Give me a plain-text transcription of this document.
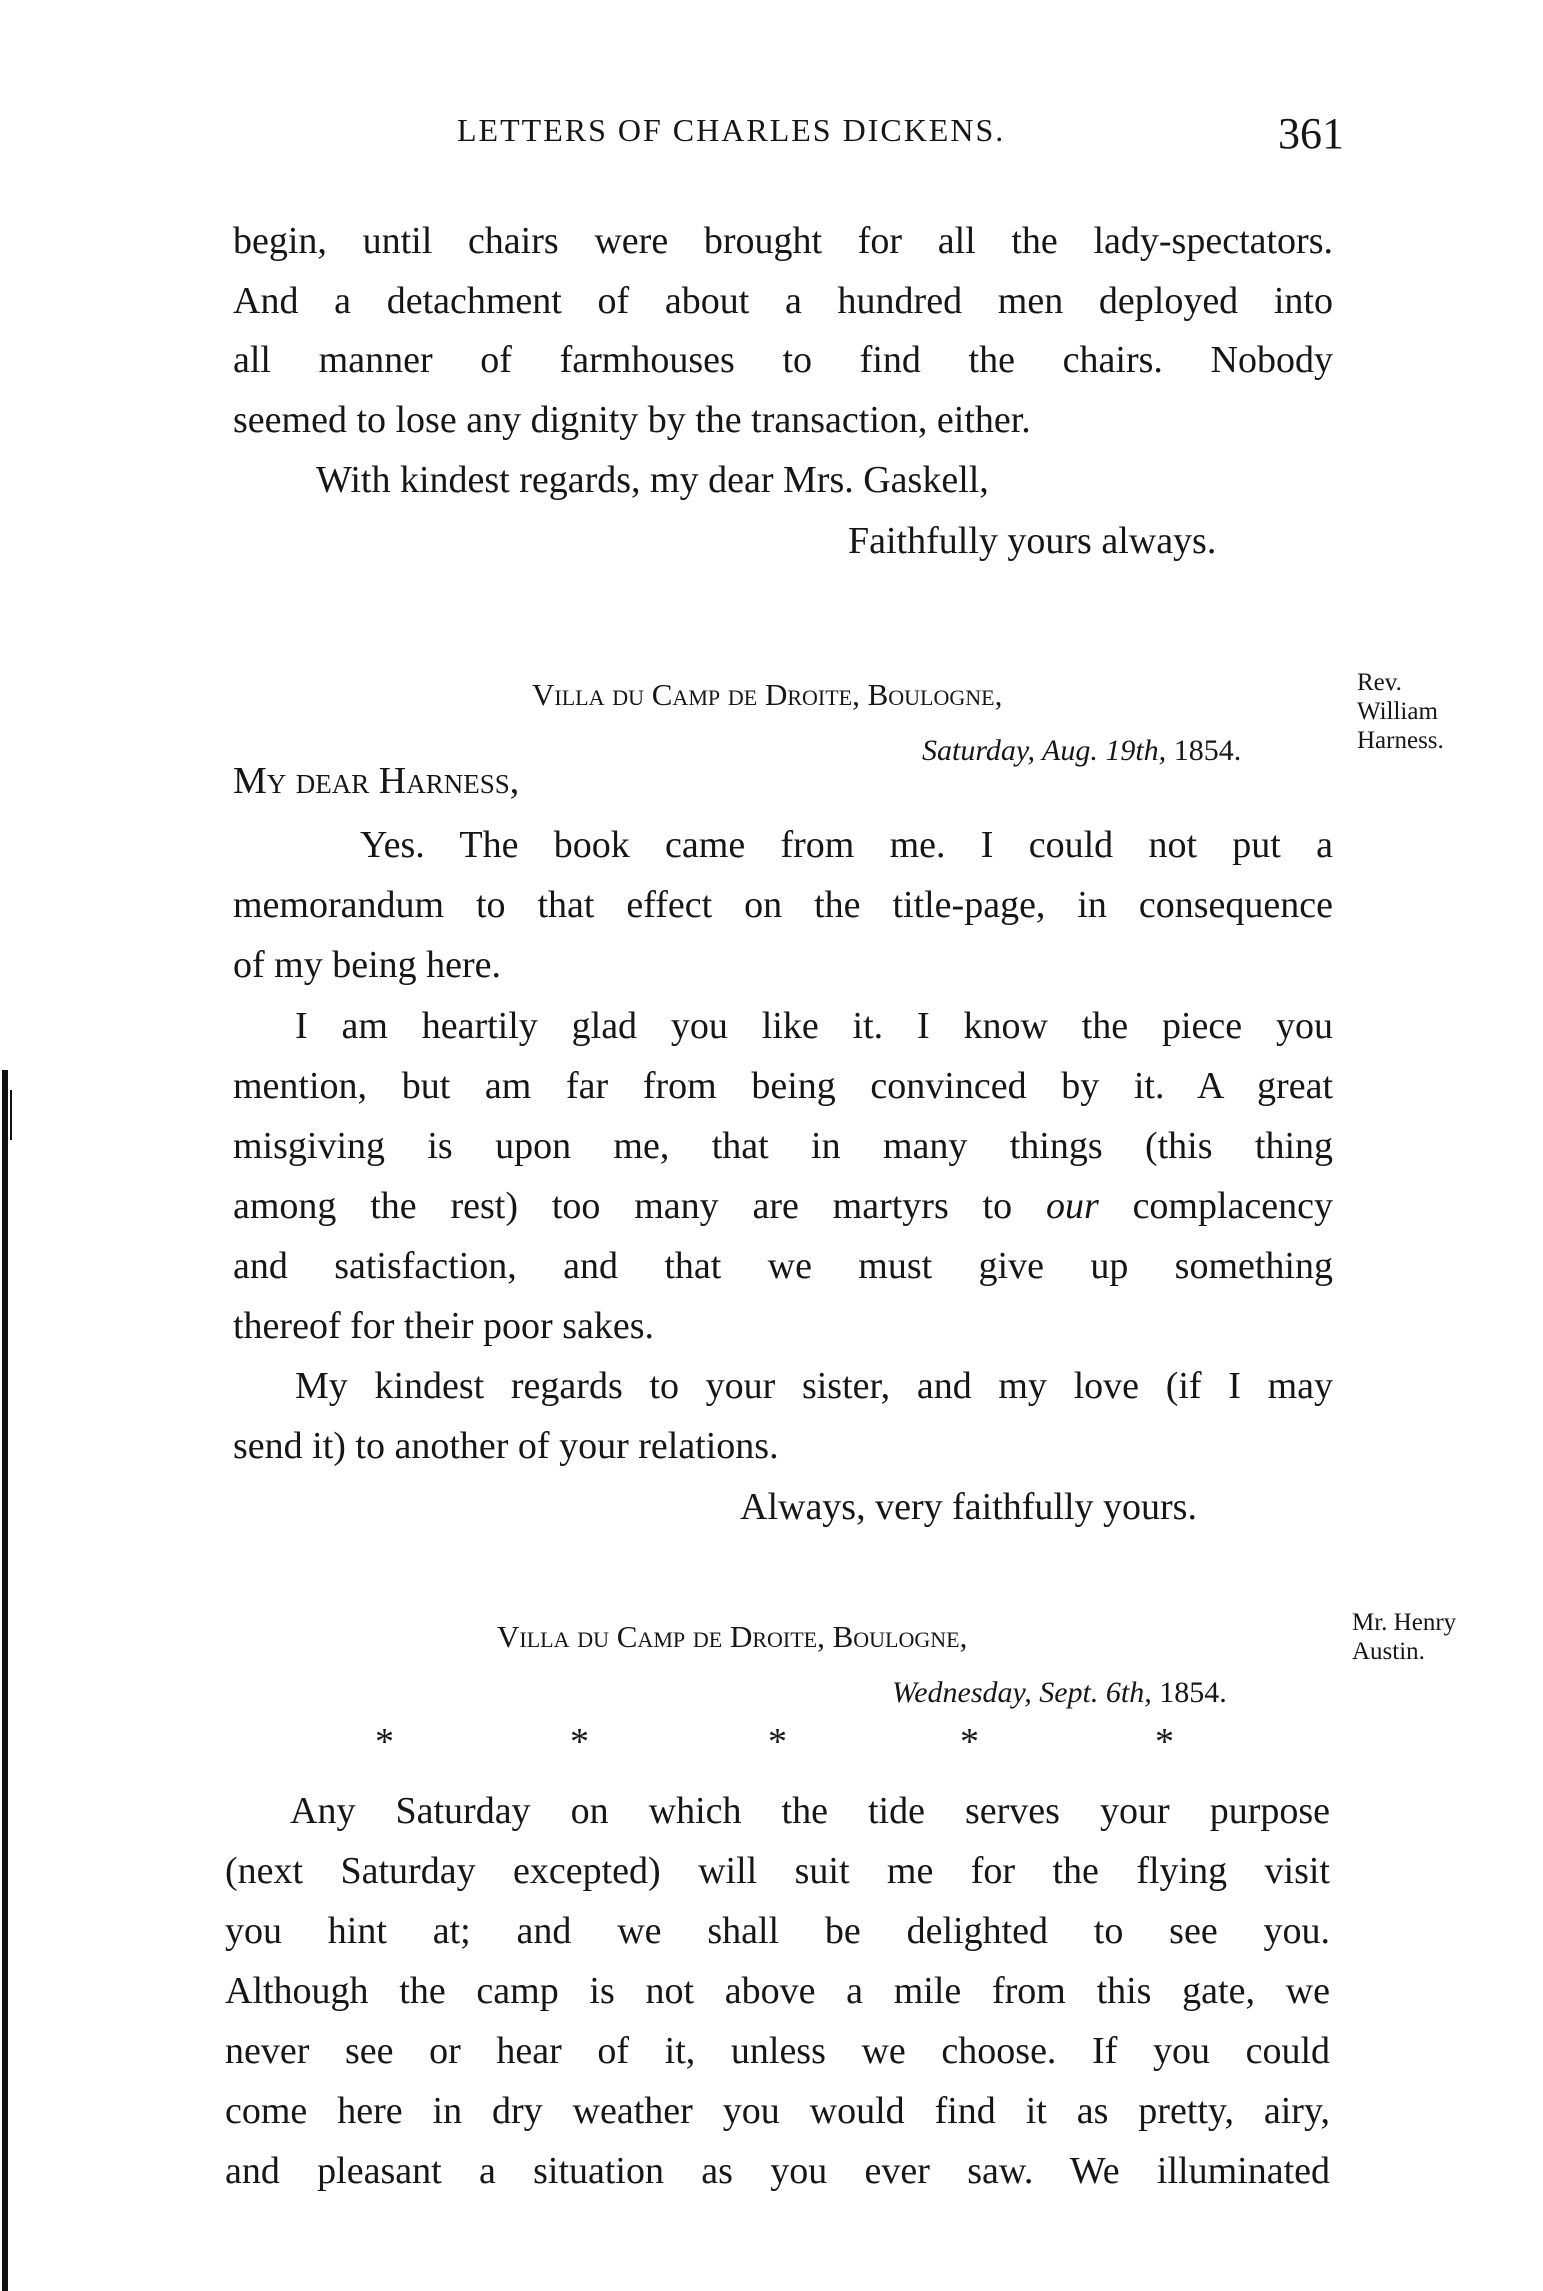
LETTERS OF CHARLES DICKENS.	361
begin, until chairs were brought for all the lady-spectators.
And a detachment of about a hundred men deployed into
all manner of farmhouses to find the chairs. Nobody
seemed to lose any dignity by the transaction, either.
With kindest regards, my dear Mrs. Gaskell,
Faithfully yours always.
Villa du Camp de Droite, Boulogne,
Saturday, Aug. 19th, 1854.
Rev.
William
Harness.
My dear Harness,
Yes. The book came from me. I could not put a
memorandum to that effect on the title-page, in consequence
of my being here.
I am heartily glad you like it. I know the piece you
mention, but am far from being convinced by it. A great
misgiving is upon me, that in many things (this thing
among the rest) too many are martyrs to our complacency
and satisfaction, and that we must give up something
thereof for their poor sakes.
My kindest regards to your sister, and my love (if I may
send it) to another of your relations.
Always, very faithfully yours.
Villa du Camp de Droite, Boulogne,
Wednesday, Sept. 6th, 1854.
Mr. Henry
Austin.
*	*	*	*	*
Any Saturday on which the tide serves your purpose
(next Saturday excepted) will suit me for the flying visit
you hint at; and we shall be delighted to see you.
Although the camp is not above a mile from this gate, we
never see or hear of it, unless we choose. If you could
come here in dry weather you would find it as pretty, airy,
and pleasant a situation as you ever saw. We illuminated
